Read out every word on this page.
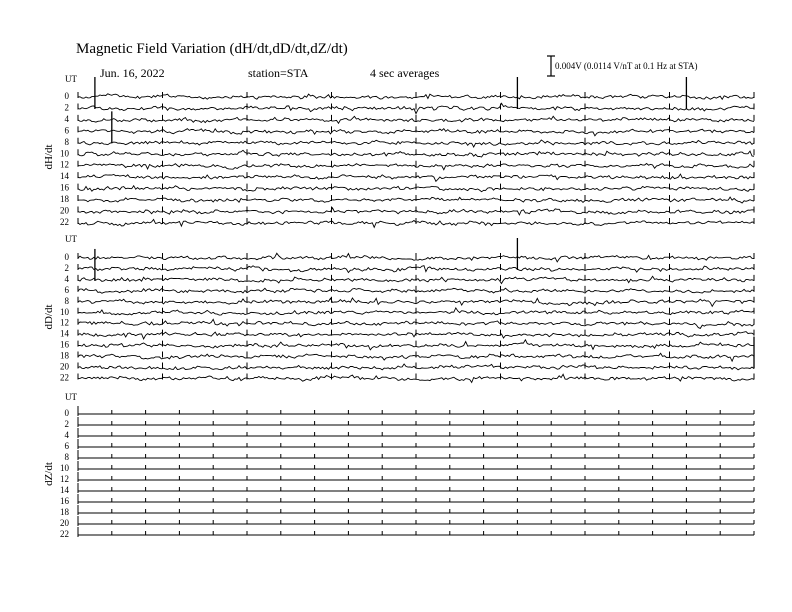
Magnetic Field Variation (dH/dt,dD/dt,dZ/dt)
Jun. 16, 2022	station=STA	4 sec averages	0.004V (0.0114 V/nT at 0.1 Hz at STA)
UT
dH/dt
0
2
4
6
8
10
12
14
16
18
20
22
UT
dD/dt
0
2
4
6
8
10
12
14
16
18
20
22
UT
dZ/dt
0
2
4
6
8
10
12
14
16
18
20
22
